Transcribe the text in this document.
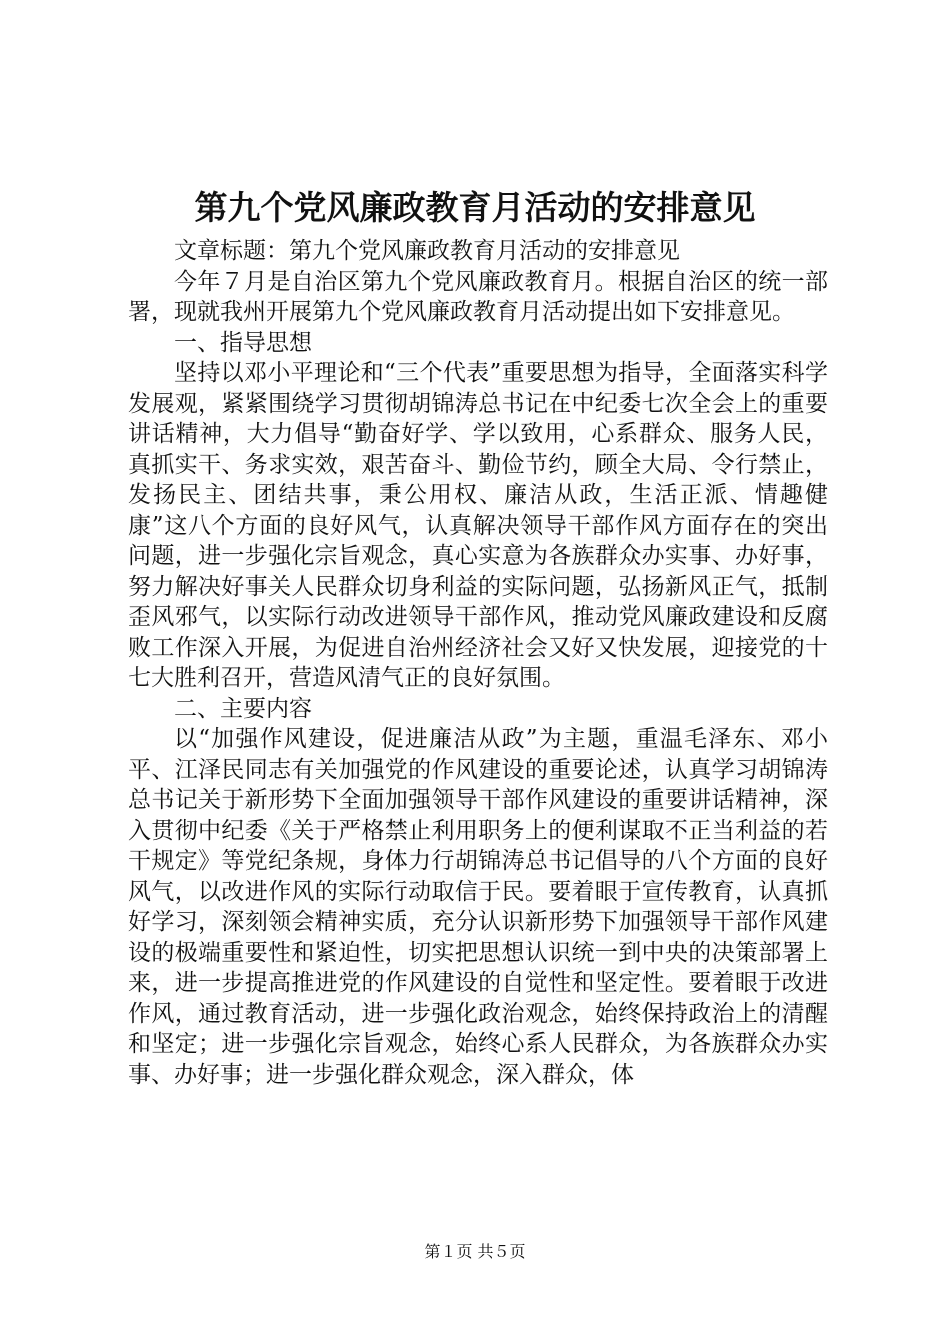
第九个党风廉政教育月活动的安排意见

文章标题：第九个党风廉政教育月活动的安排意见

今年７月是自治区第九个党风廉政教育月。根据自治区的统一部署，现就我州开展第九个党风廉政教育月活动提出如下安排意见。

一、指导思想

坚持以邓小平理论和“三个代表”重要思想为指导，全面落实科学发展观，紧紧围绕学习贯彻胡锦涛总书记在中纪委七次全会上的重要讲话精神，大力倡导“勤奋好学、学以致用，心系群众、服务人民，真抓实干、务求实效，艰苦奋斗、勤俭节约，顾全大局、令行禁止，发扬民主、团结共事，秉公用权、廉洁从政，生活正派、情趣健康”这八个方面的良好风气，认真解决领导干部作风方面存在的突出问题，进一步强化宗旨观念，真心实意为各族群众办实事、办好事，努力解决好事关人民群众切身利益的实际问题，弘扬新风正气，抵制歪风邪气，以实际行动改进领导干部作风，推动党风廉政建设和反腐败工作深入开展，为促进自治州经济社会又好又快发展，迎接党的十七大胜利召开，营造风清气正的良好氛围。

二、主要内容

以“加强作风建设，促进廉洁从政”为主题，重温毛泽东、邓小平、江泽民同志有关加强党的作风建设的重要论述，认真学习胡锦涛总书记关于新形势下全面加强领导干部作风建设的重要讲话精神，深入贯彻中纪委《关于严格禁止利用职务上的便利谋取不正当利益的若干规定》等党纪条规，身体力行胡锦涛总书记倡导的八个方面的良好风气，以改进作风的实际行动取信于民。要着眼于宣传教育，认真抓好学习，深刻领会精神实质，充分认识新形势下加强领导干部作风建设的极端重要性和紧迫性，切实把思想认识统一到中央的决策部署上来，进一步提高推进党的作风建设的自觉性和坚定性。要着眼于改进作风，通过教育活动，进一步强化政治观念，始终保持政治上的清醒和坚定；进一步强化宗旨观念，始终心系人民群众，为各族群众办实事、办好事；进一步强化群众观念，深入群众，体

第１页 共５页
